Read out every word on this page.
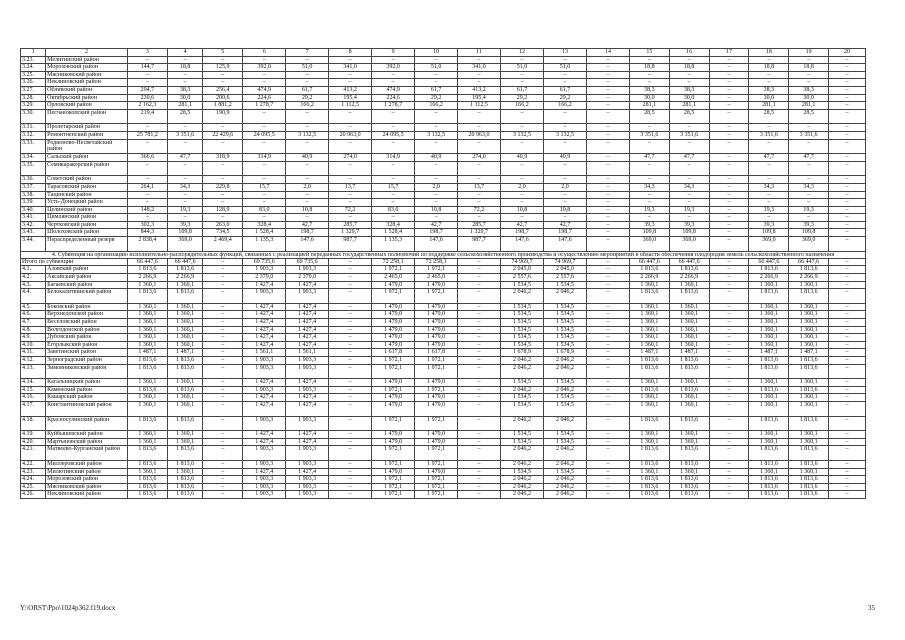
1	2	3	4	5	6	7	8	9	10	11	12	13	14	15	16	17	18	19	20
3.23.	Мелитинский район	–	–	–	–	–	–	–	–	–	–	–	–	–	–	–	–	–	–
3.24.	Морозовский район	144,7	18,8	125,9	392,0	51,0	341,0	392,0	51,0	341,0	51,0	51,0	–	18,8	18,8	–	18,8	18,8	–
3.25.	Мясниковский район	–	–	–	–	–	–	–	–	–	–	–	–	–	–	–	–	–	–
3.26.	Неклиновский район	–	–	–	–	–	–	–	–	–	–	–	–	–	–	–	–	–	–
3.27.	Обливский район	294,7	38,3	256,4	474,9	61,7	413,2	474,9	61,7	413,2	61,7	61,7	–	38,3	38,3	–	38,3	38,3	–
3.28.	Октябрьский район	230,6	30,0	200,6	224,6	29,2	195,4	224,6	29,2	195,4	29,2	29,2	–	30,0	30,0	–	30,0	30,0	–
3.29.	Орловский район	2 162,3	281,1	1 881,2	1 278,7	166,2	1 112,5	1 278,7	166,2	1 112,5	166,2	166,2	–	281,1	281,1	–	281,1	281,1	–
3.30.	Песчанокопский район	219,4	28,5	190,9	–	–	–	–	–	–	–	–	–	28,5	28,5	–	28,5	28,5	–
3.31.	Пролетарский район	–	–	–	–	–	–	–	–	–	–	–	–	–	–	–	–	–	–
3.32.	Ремонтненский район	25 781,2	3 351,6	22 429,6	24 095,5	3 132,5	20 963,0	24 095,5	3 132,5	20 963,0	3 132,5	3 132,5	–	3 351,6	3 351,6	–	3 351,6	3 351,6	–
3.33.	Родионово-Несветайский район	–	–	–	–	–	–	–	–	–	–	–	–	–	–	–	–	–	–
3.34.	Сальский район	366,6	47,7	318,9	314,9	40,9	274,0	314,9	40,9	274,0	40,9	40,9	–	47,7	47,7	–	47,7	47,7	–
3.35.	Семикаракорский район	–	–	–	–	–	–	–	–	–	–	–	–	–	–	–	–	–	–
3.36.	Советский район	–	–	–	–	–	–	–	–	–	–	–	–	–	–	–	–	–	–
3.37.	Тарасовский район	264,1	34,3	229,8	15,7	2,0	13,7	15,7	2,0	13,7	2,0	2,0	–	34,3	34,3	–	34,3	34,3	–
3.38.	Тацинский район	–	–	–	–	–	–	–	–	–	–	–	–	–	–	–	–	–	–
3.39.	Усть-Донецкий район	–	–	–	–	–	–	–	–	–	–	–	–	–	–	–	–	–	–
3.40.	Целинский район	148,2	19,3	128,9	83,0	10,8	72,2	83,0	10,8	72,2	10,8	10,8	–	19,3	19,3	–	19,3	19,3	–
3.41.	Цимлянский район	–	–	–	–	–	–	–	–	–	–	–	–	–	–	–	–	–	–
3.42.	Чертковский район	302,3	39,3	263,0	328,4	42,7	285,7	328,4	42,7	285,7	42,7	42,7	–	39,3	39,3	–	39,3	39,3	–
3.43.	Шолоховский район	844,3	109,8	734,5	1 528,4	198,7	1 329,7	1 528,4	198,7	1 329,7	198,7	198,7	–	109,8	109,8	–	109,8	109,8	–
3.44.	Нераспределенный резерв	2 838,4	369,0	2 469,4	1 135,3	147,6	987,7	1 135,3	147,6	987,7	147,6	147,6	–	369,0	369,0	–	369,0	369,0	–
4. Субвенция на организацию исполнительно-распорядительных функций, связанных с реализацией переданных государственных полномочий по поддержке сельскохозяйственного производства и осуществлению мероприятий в области обеспечения плодородия земель сельскохозяйственного назначения																			
Итого по субвенции		66 447,6	66 447,6	–	69 735,6	69 735,6	–	72 258,1	72 258,1	–	74 969,7	74 969,7	–	66 447,6	66 447,6	–	66 447,6	66 447,6	–
4.1.	Азовский район	1 813,6	1 813,6	–	1 903,3	1 903,3	–	1 972,1	1 972,1	–	2 045,0	2 045,0	–	1 813,6	1 813,6	–	1 813,6	1 813,6	–
4.2.	Аксайский район	2 266,9	2 266,9	–	2 379,0	2 379,0	–	2 465,0	2 465,0	–	2 557,6	2 557,6	–	2 266,9	2 266,9	–	2 266,9	2 266,9	–
4.3.	Багаевский район	1 360,1	1 360,1	–	1 427,4	1 427,4	–	1 479,0	1 479,0	–	1 534,5	1 534,5	–	1 360,1	1 360,1	–	1 360,1	1 360,1	–
4.4.	Белокалитвинский район	1 813,6	1 813,6	–	1 903,3	1 903,3	–	1 972,1	1 972,1	–	2 046,2	2 046,2	–	1 813,6	1 813,6	–	1 813,6	1 813,6	–
4.5.	Боковский район	1 360,1	1 360,1	–	1 427,4	1 427,4	–	1 479,0	1 479,0	–	1 534,5	1 534,5	–	1 360,1	1 360,1	–	1 360,1	1 360,1	–
4.6.	Верхнедонской район	1 360,1	1 360,1	–	1 427,4	1 427,4	–	1 479,0	1 479,0	–	1 534,5	1 534,5	–	1 360,1	1 360,1	–	1 360,1	1 360,1	–
4.7.	Веселовский район	1 360,1	1 360,1	–	1 427,4	1 427,4	–	1 479,0	1 479,0	–	1 534,5	1 534,5	–	1 360,1	1 360,1	–	1 360,1	1 360,1	–
4.8.	Волгодонской район	1 360,1	1 360,1	–	1 427,4	1 427,4	–	1 479,0	1 479,0	–	1 534,5	1 534,5	–	1 360,1	1 360,1	–	1 360,1	1 360,1	–
4.9.	Дубовский район	1 360,1	1 360,1	–	1 427,4	1 427,4	–	1 479,0	1 479,0	–	1 534,5	1 534,5	–	1 360,1	1 360,1	–	1 360,1	1 360,1	–
4.10.	Егорлыкский район	1 360,1	1 360,1	–	1 427,4	1 427,4	–	1 479,0	1 479,0	–	1 534,5	1 534,5	–	1 360,1	1 360,1	–	1 360,1	1 360,1	–
4.11.	Заветинский район	1 487,1	1 487,1	–	1 561,1	1 561,1	–	1 617,8	1 617,8	–	1 678,9	1 678,9	–	1 487,1	1 487,1	–	1 487,1	1 487,1	–
4.12.	Зерноградский район	1 813,6	1 813,6	–	1 903,3	1 903,3	–	1 972,1	1 972,1	–	2 046,2	2 046,2	–	1 813,6	1 813,6	–	1 813,6	1 813,6	–
4.13.	Зимовниковский район	1 813,6	1 813,6	–	1 903,3	1 903,3	–	1 972,1	1 972,1	–	2 046,2	2 046,2	–	1 813,6	1 813,6	–	1 813,6	1 813,6	–
4.14.	Кагальницкий район	1 360,1	1 360,1	–	1 427,4	1 427,4	–	1 479,0	1 479,0	–	1 534,5	1 534,5	–	1 360,1	1 360,1	–	1 360,1	1 360,1	–
4.15.	Каменский район	1 813,6	1 813,6	–	1 903,3	1 903,3	–	1 972,1	1 972,1	–	2 046,2	2 046,2	–	1 813,6	1 813,6	–	1 813,6	1 813,6	–
4.16.	Кашарский район	1 360,1	1 360,1	–	1 427,4	1 427,4	–	1 479,0	1 479,0	–	1 534,5	1 534,5	–	1 360,1	1 360,1	–	1 360,1	1 360,1	–
4.17.	Константиновский район	1 360,1	1 360,1	–	1 427,4	1 427,4	–	1 479,0	1 479,0	–	1 534,5	1 534,5	–	1 360,1	1 360,1	–	1 360,1	1 360,1	–
4.18.	Красносулинский район	1 813,6	1 813,6	–	1 903,3	1 903,3	–	1 972,1	1 972,1	–	2 046,2	2 046,2	–	1 813,6	1 813,6	–	1 813,6	1 813,6	–
4.19.	Куйбышевский район	1 360,1	1 360,1	–	1 427,4	1 427,4	–	1 479,0	1 479,0	–	1 534,5	1 534,5	–	1 360,1	1 360,1	–	1 360,1	1 360,1	–
4.20.	Мартыновский район	1 360,1	1 360,1	–	1 427,4	1 427,4	–	1 479,0	1 479,0	–	1 534,5	1 534,5	–	1 360,1	1 360,1	–	1 360,1	1 360,1	–
4.21.	Матвеево-Курганский район	1 813,6	1 813,6	–	1 903,3	1 903,3	–	1 972,1	1 972,1	–	2 046,2	2 046,2	–	1 813,6	1 813,6	–	1 813,6	1 813,6	–
4.22.	Миллеровский район	1 813,6	1 813,6	–	1 903,3	1 903,3	–	1 972,1	1 972,1	–	2 046,2	2 046,2	–	1 813,6	1 813,6	–	1 813,6	1 813,6	–
4.23.	Милютинский район	1 360,1	1 360,1	–	1 427,4	1 427,4	–	1 479,0	1 479,0	–	1 534,5	1 534,5	–	1 360,1	1 360,1	–	1 360,1	1 360,1	–
4.24.	Морозовский район	1 813,6	1 813,6	–	1 903,3	1 903,3	–	1 972,1	1 972,1	–	2 046,2	2 046,2	–	1 813,6	1 813,6	–	1 813,6	1 813,6	–
4.25.	Мясниковский район	1 813,6	1 813,6	–	1 903,3	1 903,3	–	1 972,1	1 972,1	–	2 046,2	2 046,2	–	1 813,6	1 813,6	–	1 813,6	1 813,6	–
4.26.	Неклиновский район	1 813,6	1 813,6	–	1 903,3	1 903,3	–	1 972,1	1 972,1	–	2 046,2	2 046,2	–	1 813,6	1 813,6	–	1 813,6	1 813,6	–
Y:\ORST\Ppo\1024p362.f19.docx	35
